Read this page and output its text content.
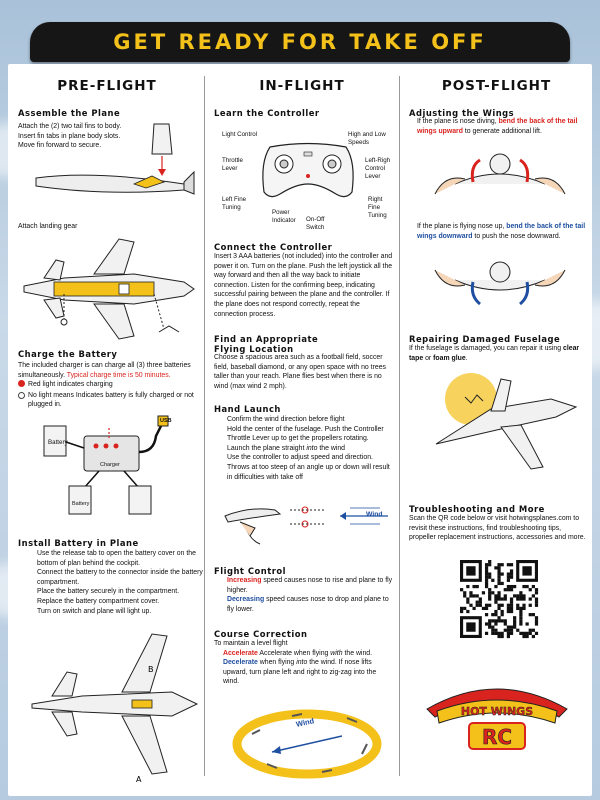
GET READY FOR TAKE OFF
PRE-FLIGHT
Assemble the Plane

Attach the (2) two tail fins to body.

Insert fin tabs in plane body slots.

Move fin forward to secure.

Attach landing gear
Charge the Battery

The included charger is can charge all (3) three batteries simultaneously. Typical charge time is 50 minutes.

Red light indicates charging

No light means Indicates battery is fully charged or not plugged in.

Battery
Charger
USB
Battery
Install Battery in Plane

Use the release tab to open the battery cover on the bottom of plan behind the cockpit.

Connect the battery to the connector inside the battery compartment.

Place the battery securely in the compartment.

Replace the battery compartment cover.

Turn on switch and plane will light up.

A
B
IN-FLIGHT
Learn the Controller
Light Control	High and Low Speeds
Throttle Lever
Left-Righ Control Lever
Left Fine Tuning
Power Indicator	On-Off Switch
Right Fine Tuning
Connect the Controller
Insert 3 AAA batteries (not included) into the controller and power it on. Turn on the plane. Push the left joystick all the way forward and then all the way back to initiate connection. Listen for the confirming beep, indicating successful pairing between the plane and the controller. If the plane does not respond correctly, repeat the connection process.
Find an Appropriate
Flying Location
Choose a spacious area such as a football field, soccer field, baseball diamond, or any open space with no trees taller than your reach. Plane flies best when there is no wind (max wind 2 mph).
Hand Launch

Confirm the wind direction before flight

Hold the center of the fuselage. Push the Controller Throttle Lever up to get the propellers rotating.

Launch the plane straight into the wind

Use the controller to adjust speed and direction.

Throws at too steep of an angle up or down will result in difficulties with take off

Wind
Flight Control

Increasing speed causes nose to rise and plane to fly higher.

Decreasing speed causes nose to drop and plane to fly lower.

Course Correction

To maintain a level flight

Accelerate Accelerate when flying with the wind.

Decelerate when flying into the wind. If nose lifts upward, turn plane left and right to zig-zag into the wind.

Wind
POST-FLIGHT
Adjusting the Wings
If the plane is nose diving, bend the back of the tail wings upward to generate additional lift.
If the plane is flying nose up, bend the back of the tail wings downward to push the nose downward.
Repairing Damaged Fuselage
If the fuselage is damaged, you can repair it using clear tape or foam glue.
Troubleshooting and More
Scan the QR code below or visit hotwingsplanes.com to revisit these instructions, find troubleshooting tips, propeller replacement instructions, accessories and more.
HOT WINGS
RC
